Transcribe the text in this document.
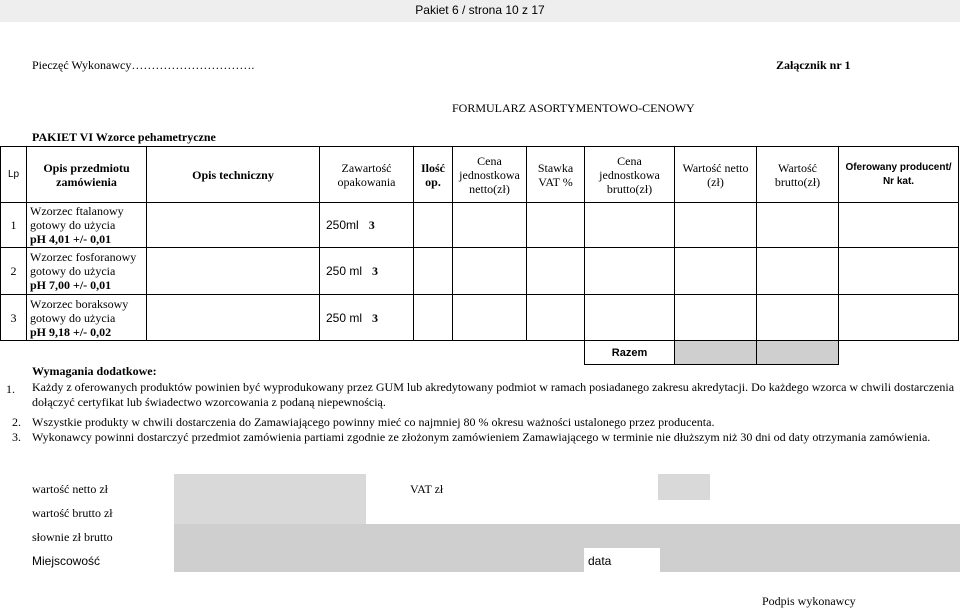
Pakiet 6 / strona 10 z 17
Pieczęć Wykonawcy………………………….	Załącznik nr 1
FORMULARZ ASORTYMENTOWO-CENOWY
PAKIET VI Wzorce pehametryczne
Lp	Opis przedmiotu zamówienia	Opis techniczny	Zawartość opakowania	Ilość op.	Cena jednostkowa netto(zł)	Stawka VAT %	Cena jednostkowa brutto(zł)	Wartość netto (zł)	Wartość brutto(zł)	Oferowany producent/ Nr kat.
1	Wzorzec ftalanowy
gotowy do użycia
pH 4,01 +/- 0,01		250ml 3							
2	Wzorzec fosforanowy
gotowy do użycia
pH 7,00 +/- 0,01		250 ml 3							
3	Wzorzec boraksowy
gotowy do użycia
pH 9,18 +/- 0,02		250 ml 3							
							Razem			
Wymagania dodatkowe:
1. Każdy z oferowanych produktów powinien być wyprodukowany przez GUM lub akredytowany podmiot w ramach posiadanego zakresu akredytacji. Do każdego wzorca w chwili dostarczenia dołączyć certyfikat lub świadectwo wzorcowania z podaną niepewnością.
2. Wszystkie produkty w chwili dostarczenia do Zamawiającego powinny mieć co najmniej 80 % okresu ważności ustalonego przez producenta.
3. Wykonawcy powinni dostarczyć przedmiot zamówienia partiami zgodnie ze złożonym zamówieniem Zamawiającego w terminie nie dłuższym niż 30 dni od daty otrzymania zamówienia.
wartość netto zł	VAT zł
wartość brutto zł
słownie zł brutto
Miejscowość	data
Podpis wykonawcy
